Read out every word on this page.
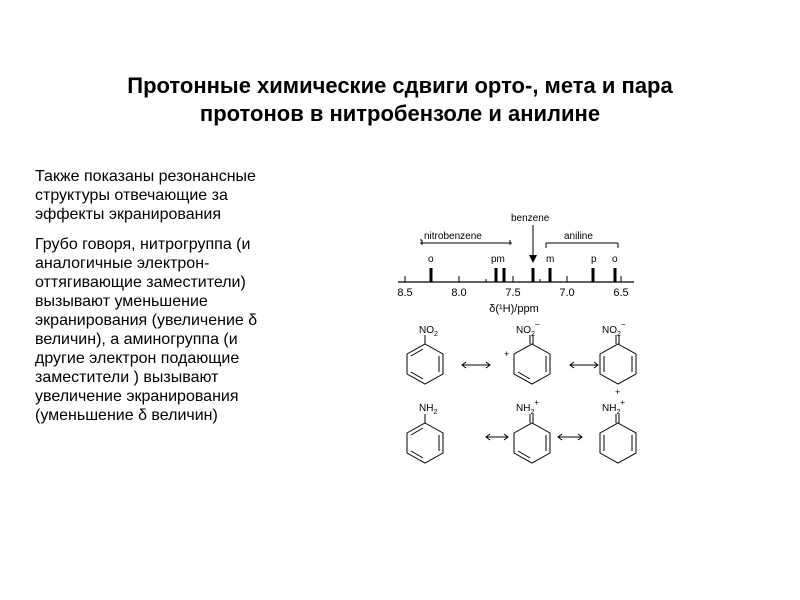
Протонные химические сдвиги орто-, мета и пара
протонов в нитробензоле и анилине
Также показаны резонансные
структуры отвечающие за
эффекты экранирования
Грубо говоря, нитрогруппа (и
аналогичные электрон-
оттягивающие заместители)
вызывают уменьшение
экранирования (увеличение δ
величин), а аминогруппа (и
другие электрон подающие
заместители ) вызывают
увеличение экранирования
(уменьшение δ величин)
benzene
nitrobenzene	aniline
o	pm	m	p o
8.5	8.0	7.5	7.0	6.5
δ(¹H)/ppm
$NO_2$	$NO_2^-$
+
$NO_2^-$
+
$NH_2$	$NH_2^+$
$NH_2^+$
